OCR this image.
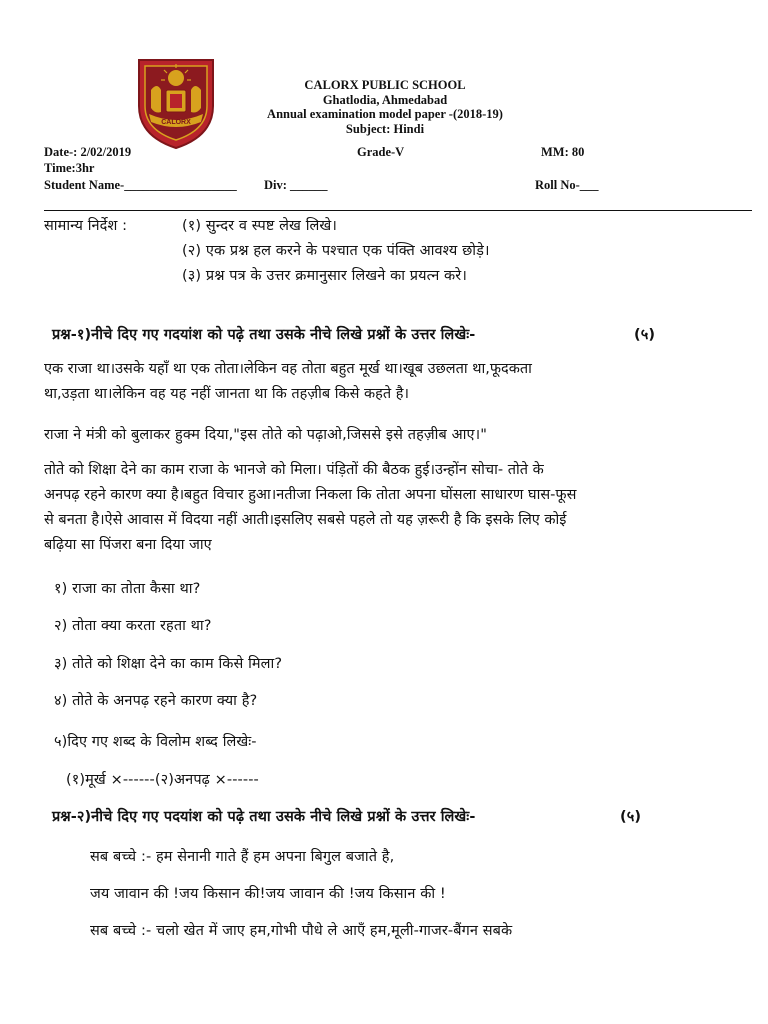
CALORX
CALORX PUBLIC SCHOOL
Ghatlodia, Ahmedabad
Annual examination model paper -(2018-19)
Subject: Hindi
Date-: 2/02/2019	Grade-V	MM: 80
Time:3hr
Student Name-__________________ Div: ______	Roll No-___
सामान्य निर्देश :	(१) सुन्दर व स्पष्ट लेख लिखे।
(२) एक प्रश्न हल करने के पश्चात एक पंक्ति आवश्य छोड़े।
(३) प्रश्न पत्र के उत्तर क्रमानुसार लिखने का प्रयत्न करे।
प्रश्न-१)नीचे दिए गए गदयांश को पढ़े तथा उसके नीचे लिखे प्रश्नों के उत्तर लिखेः-	(५)
एक राजा था।उसके यहाँ था एक तोता।लेकिन वह तोता बहुत मूर्ख था।खूब उछलता था,फूदकता
था,उड़ता था।लेकिन वह यह नहीं जानता था कि तहज़ीब किसे कहते है।
राजा ने मंत्री को बुलाकर हुक्म दिया,"इस तोते को पढ़ाओ,जिससे इसे तहज़ीब आए।"
तोते को शिक्षा देने का काम राजा के भानजे को मिला। पंड़ितों की बैठक हुई।उन्होंन सोचा- तोते के
अनपढ़ रहने कारण क्या है।बहुत विचार हुआ।नतीजा निकला कि तोता अपना घोंसला साधारण घास-फूस
से बनता है।ऐसे आवास में विदया नहीं आती।इसलिए सबसे पहले तो यह ज़रूरी है कि इसके लिए कोई
बढ़िया सा पिंजरा बना दिया जाए
१) राजा का तोता कैसा था?
२) तोता क्या करता रहता था?
३) तोते को शिक्षा देने का काम किसे मिला?
४) तोते के अनपढ़ रहने कारण क्या है?
५)दिए गए शब्द के विलोम शब्द लिखेः-
(१)मूर्ख ×------(२)अनपढ़ ×------
प्रश्न-२)नीचे दिए गए पदयांश को पढ़े तथा उसके नीचे लिखे प्रश्नों के उत्तर लिखेः-	(५)
सब बच्चे :- हम सेनानी गाते हैं हम अपना बिगुल बजाते है,
जय जावान की !जय किसान की!जय जावान की !जय किसान की !
सब बच्चे :- चलो खेत में जाए हम,गोभी पौधे ले आएँ हम,मूली-गाजर-बैंगन सबके
